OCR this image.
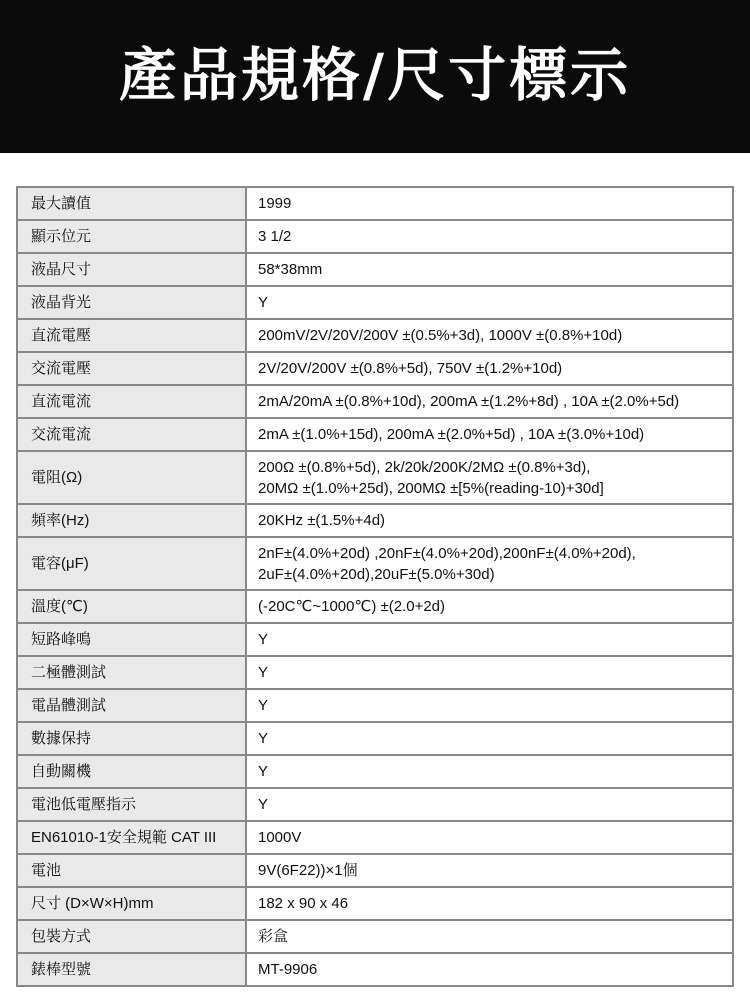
產品規格/尺寸標示
最大讀值	1999
顯示位元	3 1/2
液晶尺寸	58*38mm
液晶背光	Y
直流電壓	200mV/2V/20V/200V ±(0.5%+3d), 1000V ±(0.8%+10d)
交流電壓	2V/20V/200V ±(0.8%+5d), 750V ±(1.2%+10d)
直流電流	2mA/20mA ±(0.8%+10d), 200mA ±(1.2%+8d) , 10A ±(2.0%+5d)
交流電流	2mA ±(1.0%+15d), 200mA ±(2.0%+5d) , 10A ±(3.0%+10d)
電阻(Ω)	200Ω ±(0.8%+5d), 2k/20k/200K/2MΩ ±(0.8%+3d),
20MΩ ±(1.0%+25d), 200MΩ ±[5%(reading-10)+30d]

頻率(Hz)	20KHz ±(1.5%+4d)
電容(μF)	2nF±(4.0%+20d) ,20nF±(4.0%+20d),200nF±(4.0%+20d),
2uF±(4.0%+20d),20uF±(5.0%+30d)

溫度(℃)	(-20C℃~1000℃) ±(2.0+2d)
短路峰鳴	Y
二極體測試	Y
電晶體測試	Y
數據保持	Y
自動關機	Y
電池低電壓指示	Y
EN61010-1安全規範 CAT III	1000V
電池	9V(6F22))×1個
尺寸 (D×W×H)mm	182 x 90 x 46
包裝方式	彩盒
錶棒型號	MT-9906
